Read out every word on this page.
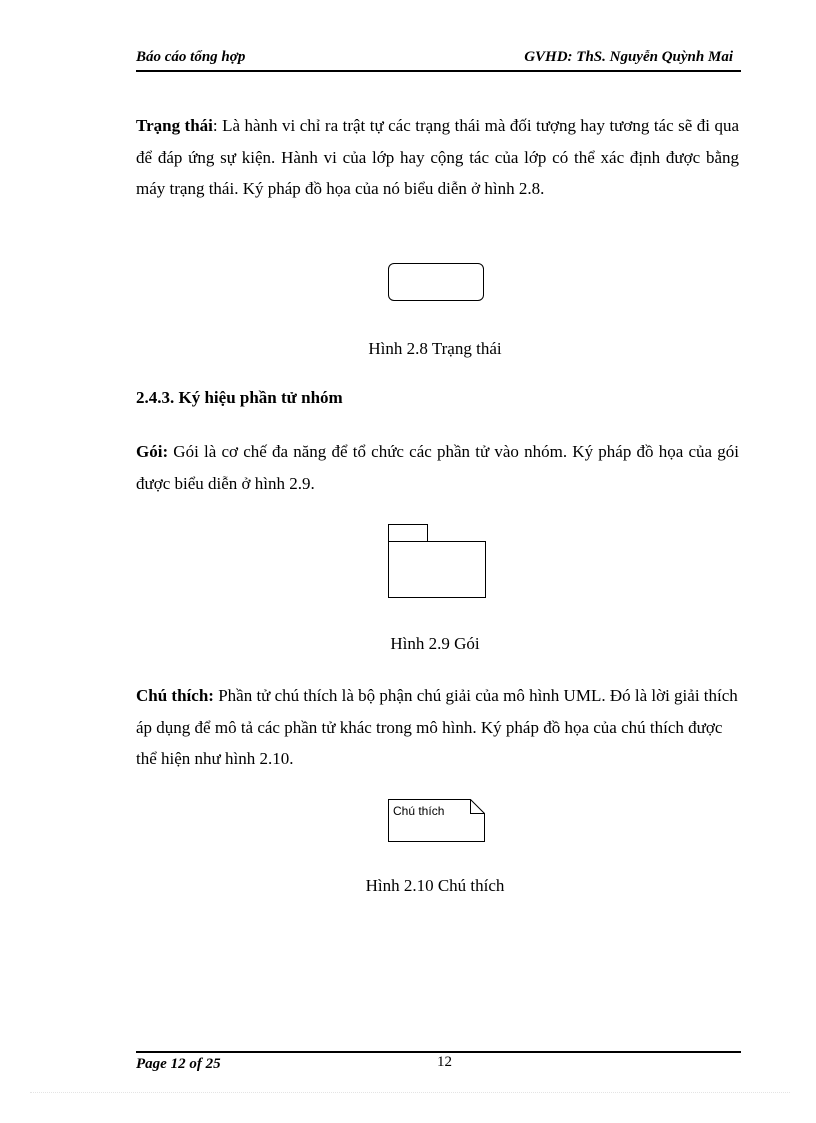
Báo cáo tổng hợp	GVHD: ThS. Nguyễn Quỳnh Mai

Trạng thái: Là hành vi chỉ ra trật tự các trạng thái mà đối tượng hay tương tác sẽ đi qua để đáp ứng sự kiện. Hành vi của lớp hay cộng tác của lớp có thể xác định được bằng máy trạng thái. Ký pháp đồ họa của nó biểu diễn ở hình 2.8.

Hình 2.8 Trạng thái

2.4.3. Ký hiệu phần tử nhóm

Gói: Gói là cơ chế đa năng để tổ chức các phần tử vào nhóm. Ký pháp đồ họa của gói được biểu diễn ở hình 2.9.

Hình 2.9 Gói

Chú thích: Phần tử chú thích là bộ phận chú giải của mô hình UML. Đó là lời giải thích áp dụng để mô tả các phần tử khác trong mô hình. Ký pháp đồ họa của chú thích được thể hiện như hình 2.10.

Chú thích

Hình 2.10 Chú thích

Page 12 of 25	12
